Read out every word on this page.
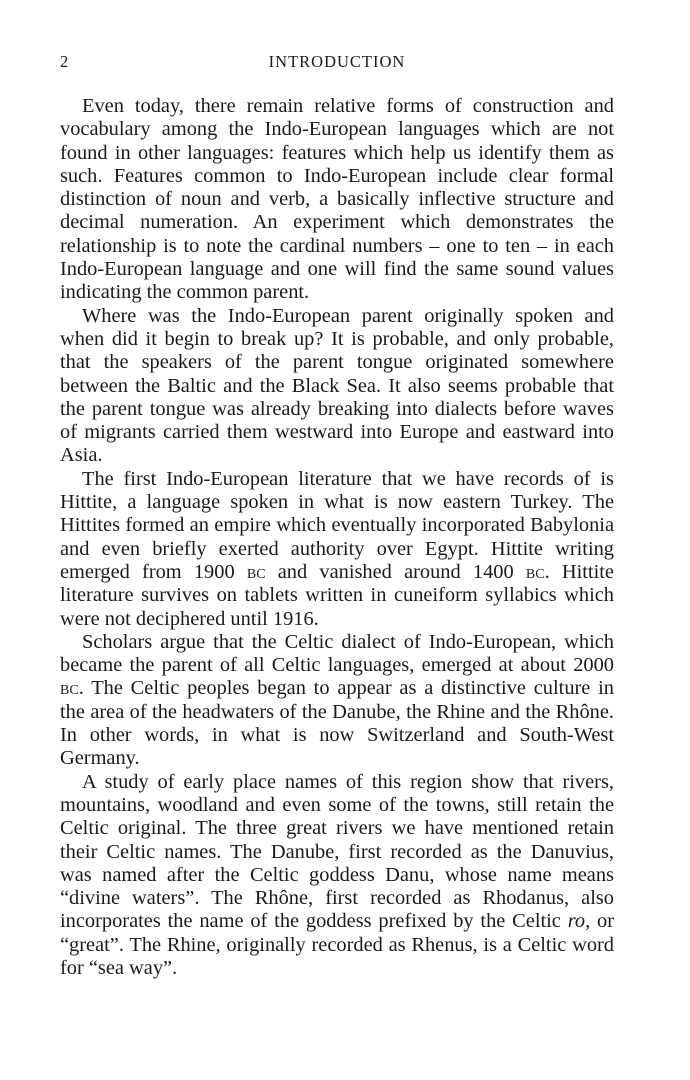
2	INTRODUCTION

Even today, there remain relative forms of construction and vocabulary among the Indo-European languages which are not found in other languages: features which help us identify them as such. Features common to Indo-European include clear formal distinction of noun and verb, a basically inflective structure and decimal numeration. An experiment which demonstrates the relationship is to note the cardinal numbers – one to ten – in each Indo-European language and one will find the same sound values indicating the common parent.

Where was the Indo-European parent originally spoken and when did it begin to break up? It is probable, and only probable, that the speakers of the parent tongue originated somewhere between the Baltic and the Black Sea. It also seems probable that the parent tongue was already breaking into dialects before waves of migrants carried them westward into Europe and eastward into Asia.

The first Indo-European literature that we have records of is Hittite, a language spoken in what is now eastern Turkey. The Hittites formed an empire which eventually incorporated Babylonia and even briefly exerted authority over Egypt. Hittite writing emerged from 1900 bc and vanished around 1400 bc. Hittite literature survives on tablets written in cuneiform syllabics which were not deciphered until 1916.

Scholars argue that the Celtic dialect of Indo-European, which became the parent of all Celtic languages, emerged at about 2000 bc. The Celtic peoples began to appear as a distinctive culture in the area of the headwaters of the Danube, the Rhine and the Rhône. In other words, in what is now Switzerland and South-West Germany.

A study of early place names of this region show that rivers, mountains, woodland and even some of the towns, still retain the Celtic original. The three great rivers we have mentioned retain their Celtic names. The Danube, first recorded as the Danuvius, was named after the Celtic goddess Danu, whose name means “divine waters”. The Rhône, first recorded as Rhodanus, also incorporates the name of the goddess prefixed by the Celtic ro, or “great”. The Rhine, originally recorded as Rhenus, is a Celtic word for “sea way”.
